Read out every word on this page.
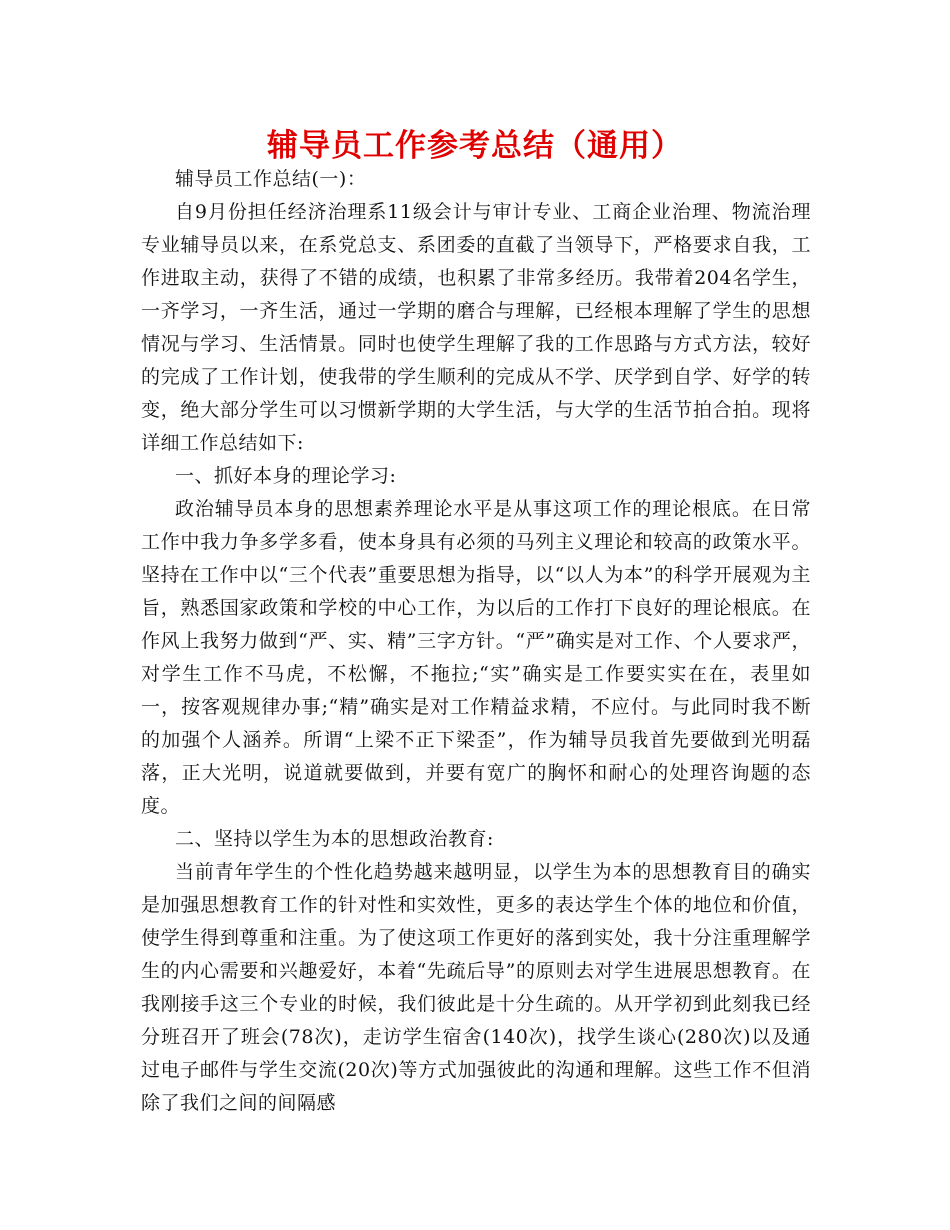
辅导员工作参考总结（通用）

辅导员工作总结(一)：

自9月份担任经济治理系11级会计与审计专业、工商企业治理、物流治理专业辅导员以来，在系党总支、系团委的直截了当领导下，严格要求自我，工作进取主动，获得了不错的成绩，也积累了非常多经历。我带着204名学生，一齐学习，一齐生活，通过一学期的磨合与理解，已经根本理解了学生的思想情况与学习、生活情景。同时也使学生理解了我的工作思路与方式方法，较好的完成了工作计划，使我带的学生顺利的完成从不学、厌学到自学、好学的转变，绝大部分学生可以习惯新学期的大学生活，与大学的生活节拍合拍。现将详细工作总结如下:

一、抓好本身的理论学习:

政治辅导员本身的思想素养理论水平是从事这项工作的理论根底。在日常工作中我力争多学多看，使本身具有必须的马列主义理论和较高的政策水平。坚持在工作中以“三个代表”重要思想为指导，以“以人为本”的科学开展观为主旨，熟悉国家政策和学校的中心工作，为以后的工作打下良好的理论根底。在作风上我努力做到“严、实、精”三字方针。“严”确实是对工作、个人要求严，对学生工作不马虎，不松懈，不拖拉;“实”确实是工作要实实在在，表里如一，按客观规律办事;“精”确实是对工作精益求精，不应付。与此同时我不断的加强个人涵养。所谓“上梁不正下梁歪”，作为辅导员我首先要做到光明磊落，正大光明，说道就要做到，并要有宽广的胸怀和耐心的处理咨询题的态度。

二、坚持以学生为本的思想政治教育:

当前青年学生的个性化趋势越来越明显，以学生为本的思想教育目的确实是加强思想教育工作的针对性和实效性，更多的表达学生个体的地位和价值，使学生得到尊重和注重。为了使这项工作更好的落到实处，我十分注重理解学生的内心需要和兴趣爱好，本着“先疏后导”的原则去对学生进展思想教育。在我刚接手这三个专业的时候，我们彼此是十分生疏的。从开学初到此刻我已经分班召开了班会(78次)，走访学生宿舍(140次)，找学生谈心(280次)以及通过电子邮件与学生交流(20次)等方式加强彼此的沟通和理解。这些工作不但消除了我们之间的间隔感
